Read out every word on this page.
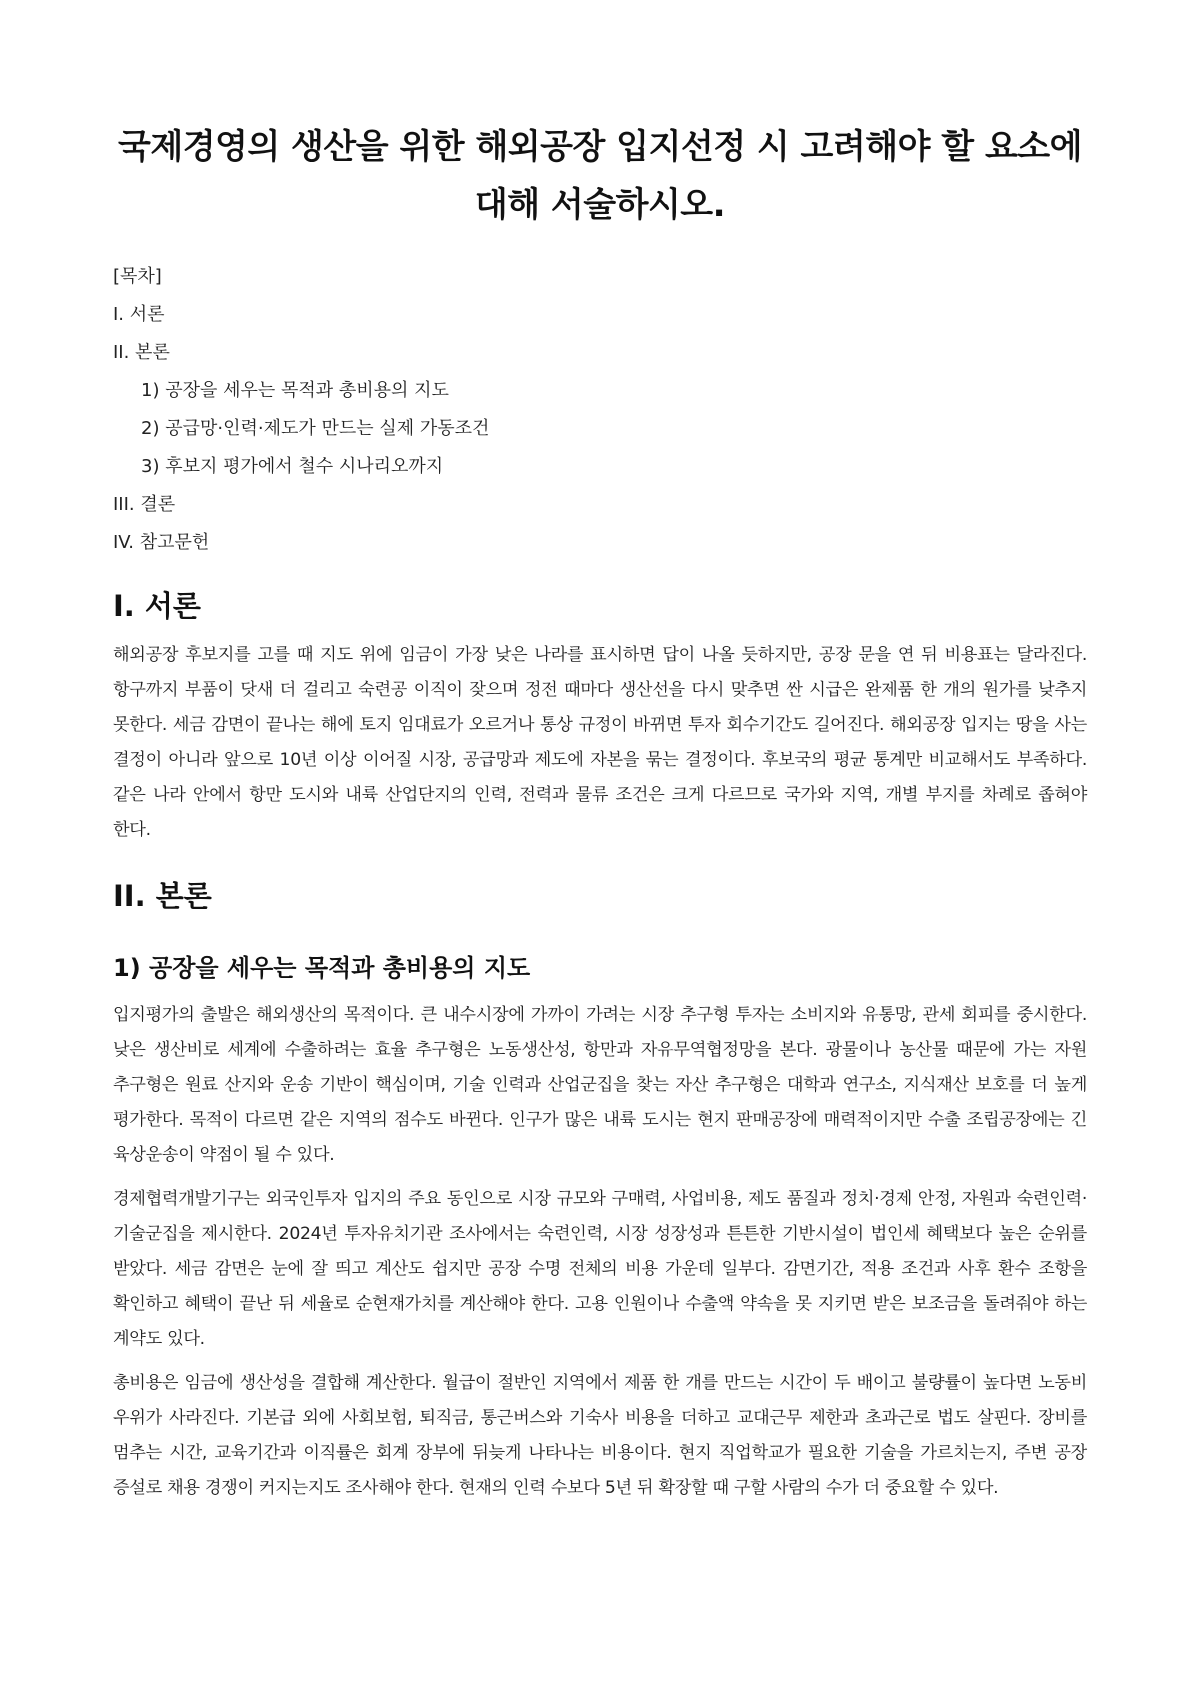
국제경영의 생산을 위한 해외공장 입지선정 시 고려해야 할 요소에 대해 서술하시오.
[목차]
I. 서론
II. 본론
1) 공장을 세우는 목적과 총비용의 지도
2) 공급망·인력·제도가 만드는 실제 가동조건
3) 후보지 평가에서 철수 시나리오까지
III. 결론
IV. 참고문헌
I. 서론

해외공장 후보지를 고를 때 지도 위에 임금이 가장 낮은 나라를 표시하면 답이 나올 듯하지만, 공장 문을 연 뒤 비용표는 달라진다. 항구까지 부품이 닷새 더 걸리고 숙련공 이직이 잦으며 정전 때마다 생산선을 다시 맞추면 싼 시급은 완제품 한 개의 원가를 낮추지 못한다. 세금 감면이 끝나는 해에 토지 임대료가 오르거나 통상 규정이 바뀌면 투자 회수기간도 길어진다. 해외공장 입지는 땅을 사는 결정이 아니라 앞으로 10년 이상 이어질 시장, 공급망과 제도에 자본을 묶는 결정이다. 후보국의 평균 통계만 비교해서도 부족하다. 같은 나라 안에서 항만 도시와 내륙 산업단지의 인력, 전력과 물류 조건은 크게 다르므로 국가와 지역, 개별 부지를 차례로 좁혀야 한다.

II. 본론
1) 공장을 세우는 목적과 총비용의 지도

입지평가의 출발은 해외생산의 목적이다. 큰 내수시장에 가까이 가려는 시장 추구형 투자는 소비지와 유통망, 관세 회피를 중시한다. 낮은 생산비로 세계에 수출하려는 효율 추구형은 노동생산성, 항만과 자유무역협정망을 본다. 광물이나 농산물 때문에 가는 자원 추구형은 원료 산지와 운송 기반이 핵심이며, 기술 인력과 산업군집을 찾는 자산 추구형은 대학과 연구소, 지식재산 보호를 더 높게 평가한다. 목적이 다르면 같은 지역의 점수도 바뀐다. 인구가 많은 내륙 도시는 현지 판매공장에 매력적이지만 수출 조립공장에는 긴 육상운송이 약점이 될 수 있다.

경제협력개발기구는 외국인투자 입지의 주요 동인으로 시장 규모와 구매력, 사업비용, 제도 품질과 정치·경제 안정, 자원과 숙련인력·기술군집을 제시한다. 2024년 투자유치기관 조사에서는 숙련인력, 시장 성장성과 튼튼한 기반시설이 법인세 혜택보다 높은 순위를 받았다. 세금 감면은 눈에 잘 띄고 계산도 쉽지만 공장 수명 전체의 비용 가운데 일부다. 감면기간, 적용 조건과 사후 환수 조항을 확인하고 혜택이 끝난 뒤 세율로 순현재가치를 계산해야 한다. 고용 인원이나 수출액 약속을 못 지키면 받은 보조금을 돌려줘야 하는 계약도 있다.

총비용은 임금에 생산성을 결합해 계산한다. 월급이 절반인 지역에서 제품 한 개를 만드는 시간이 두 배이고 불량률이 높다면 노동비 우위가 사라진다. 기본급 외에 사회보험, 퇴직금, 통근버스와 기숙사 비용을 더하고 교대근무 제한과 초과근로 법도 살핀다. 장비를 멈추는 시간, 교육기간과 이직률은 회계 장부에 뒤늦게 나타나는 비용이다. 현지 직업학교가 필요한 기술을 가르치는지, 주변 공장 증설로 채용 경쟁이 커지는지도 조사해야 한다. 현재의 인력 수보다 5년 뒤 확장할 때 구할 사람의 수가 더 중요할 수 있다.
